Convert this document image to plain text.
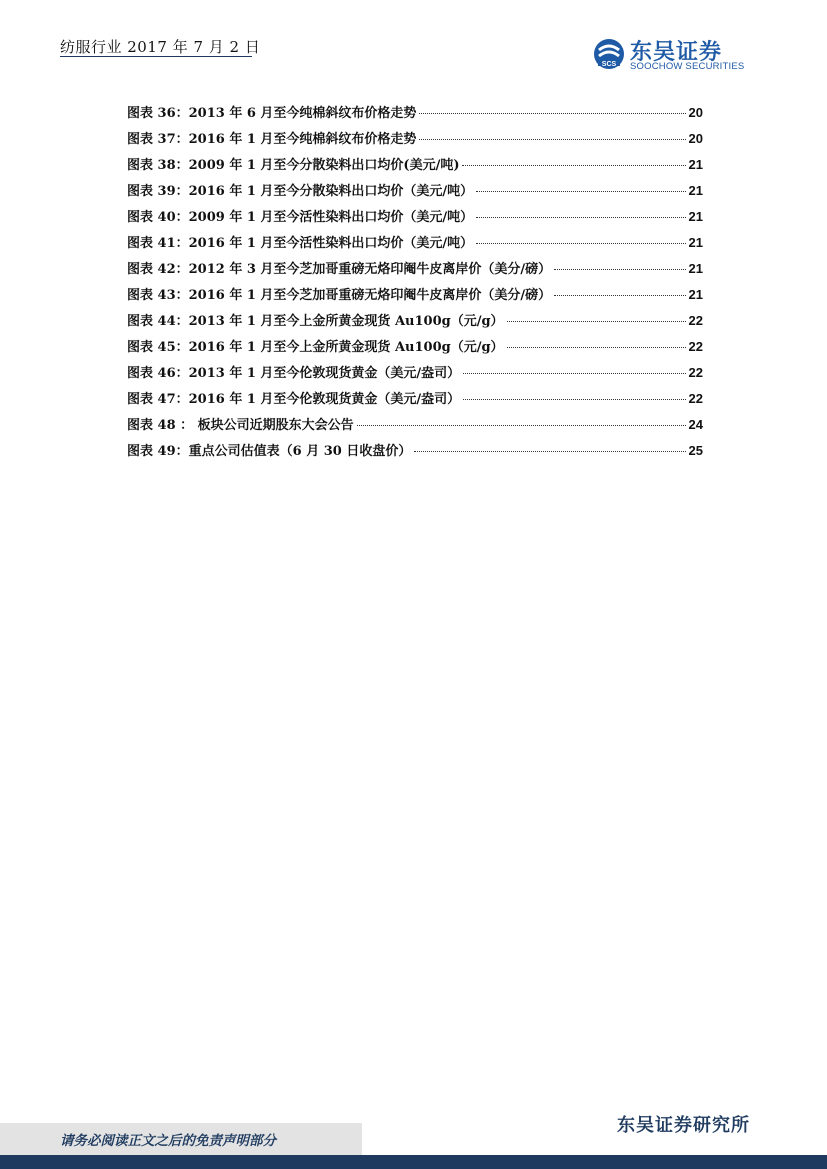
纺服行业 2017 年 7 月 2 日
SCS 东吴证券
SOOCHOW SECURITIES
图表 36：2013 年 6 月至今纯棉斜纹布价格走势	20
图表 37：2016 年 1 月至今纯棉斜纹布价格走势	20
图表 38：2009 年 1 月至今分散染料出口均价(美元/吨)	21
图表 39：2016 年 1 月至今分散染料出口均价（美元/吨）	21
图表 40：2009 年 1 月至今活性染料出口均价（美元/吨）	21
图表 41：2016 年 1 月至今活性染料出口均价（美元/吨）	21
图表 42：2012 年 3 月至今芝加哥重磅无烙印阉牛皮离岸价（美分/磅）	21
图表 43：2016 年 1 月至今芝加哥重磅无烙印阉牛皮离岸价（美分/磅）	21
图表 44：2013 年 1 月至今上金所黄金现货 Au100g（元/g）	22
图表 45：2016 年 1 月至今上金所黄金现货 Au100g（元/g）	22
图表 46：2013 年 1 月至今伦敦现货黄金（美元/盎司）	22
图表 47：2016 年 1 月至今伦敦现货黄金（美元/盎司）	22
图表 48 ： 板块公司近期股东大会公告	24
图表 49：重点公司估值表（6 月 30 日收盘价）	25
请务必阅读正文之后的免责声明部分
东吴证券研究所
